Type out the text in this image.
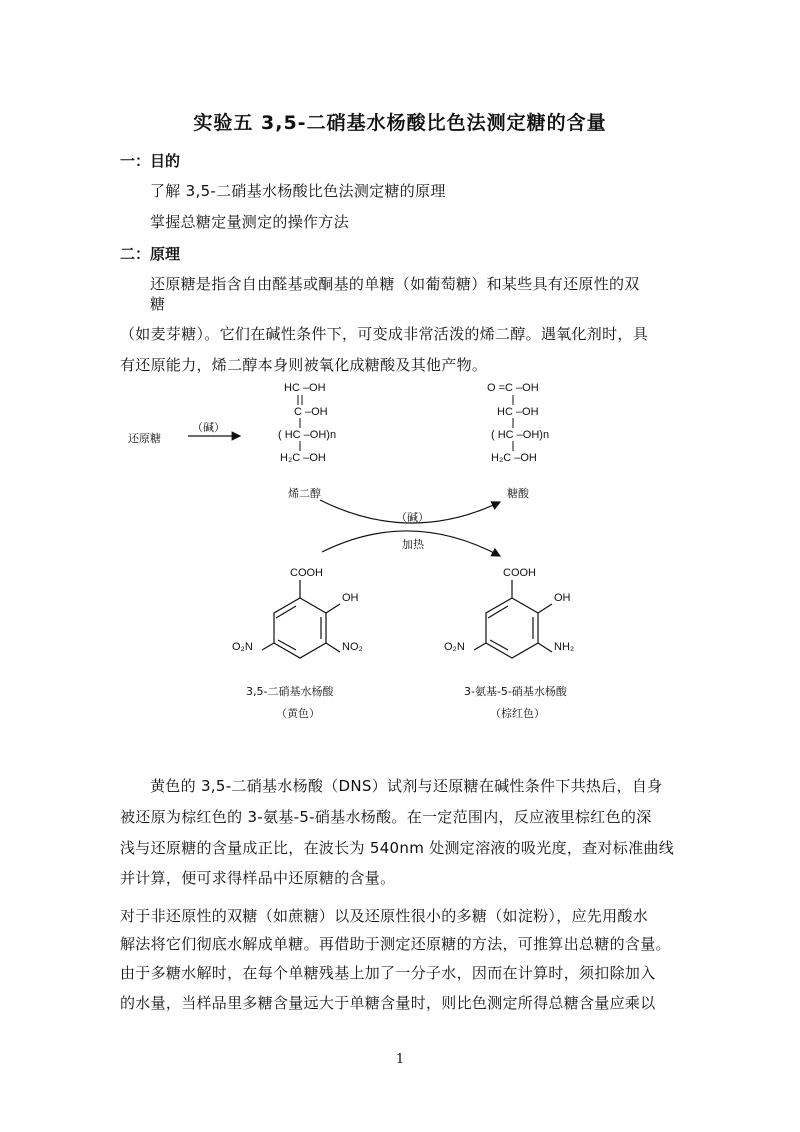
实验五 3,5-二硝基水杨酸比色法测定糖的含量
一：目的
了解 3,5-二硝基水杨酸比色法测定糖的原理
掌握总糖定量测定的操作方法
二：原理
还原糖是指含自由醛基或酮基的单糖（如葡萄糖）和某些具有还原性的双
糖
（如麦芽糖）。它们在碱性条件下，可变成非常活泼的烯二醇。遇氧化剂时，具
有还原能力，烯二醇本身则被氧化成糖酸及其他产物。
还原糖
（碱）
HC –OH
C –OH
( HC –OH)n
H₂C –OH
烯二醇
O =C –OH
HC –OH
( HC –OH)n
H₂C –OH
糖酸
（碱）
加热
COOH
OH
O₂N	NO₂
3,5-二硝基水杨酸
（黄色）
COOH
OH
O₂N	NH₂
3-氨基-5-硝基水杨酸
（棕红色）
黄色的 3,5-二硝基水杨酸（DNS）试剂与还原糖在碱性条件下共热后，自身
被还原为棕红色的 3-氨基-5-硝基水杨酸。在一定范围内，反应液里棕红色的深
浅与还原糖的含量成正比，在波长为 540nm 处测定溶液的吸光度，查对标准曲线
并计算，便可求得样品中还原糖的含量。
对于非还原性的双糖（如蔗糖）以及还原性很小的多糖（如淀粉），应先用酸水
解法将它们彻底水解成单糖。再借助于测定还原糖的方法，可推算出总糖的含量。
由于多糖水解时，在每个单糖残基上加了一分子水，因而在计算时，须扣除加入
的水量，当样品里多糖含量远大于单糖含量时，则比色测定所得总糖含量应乘以
1
